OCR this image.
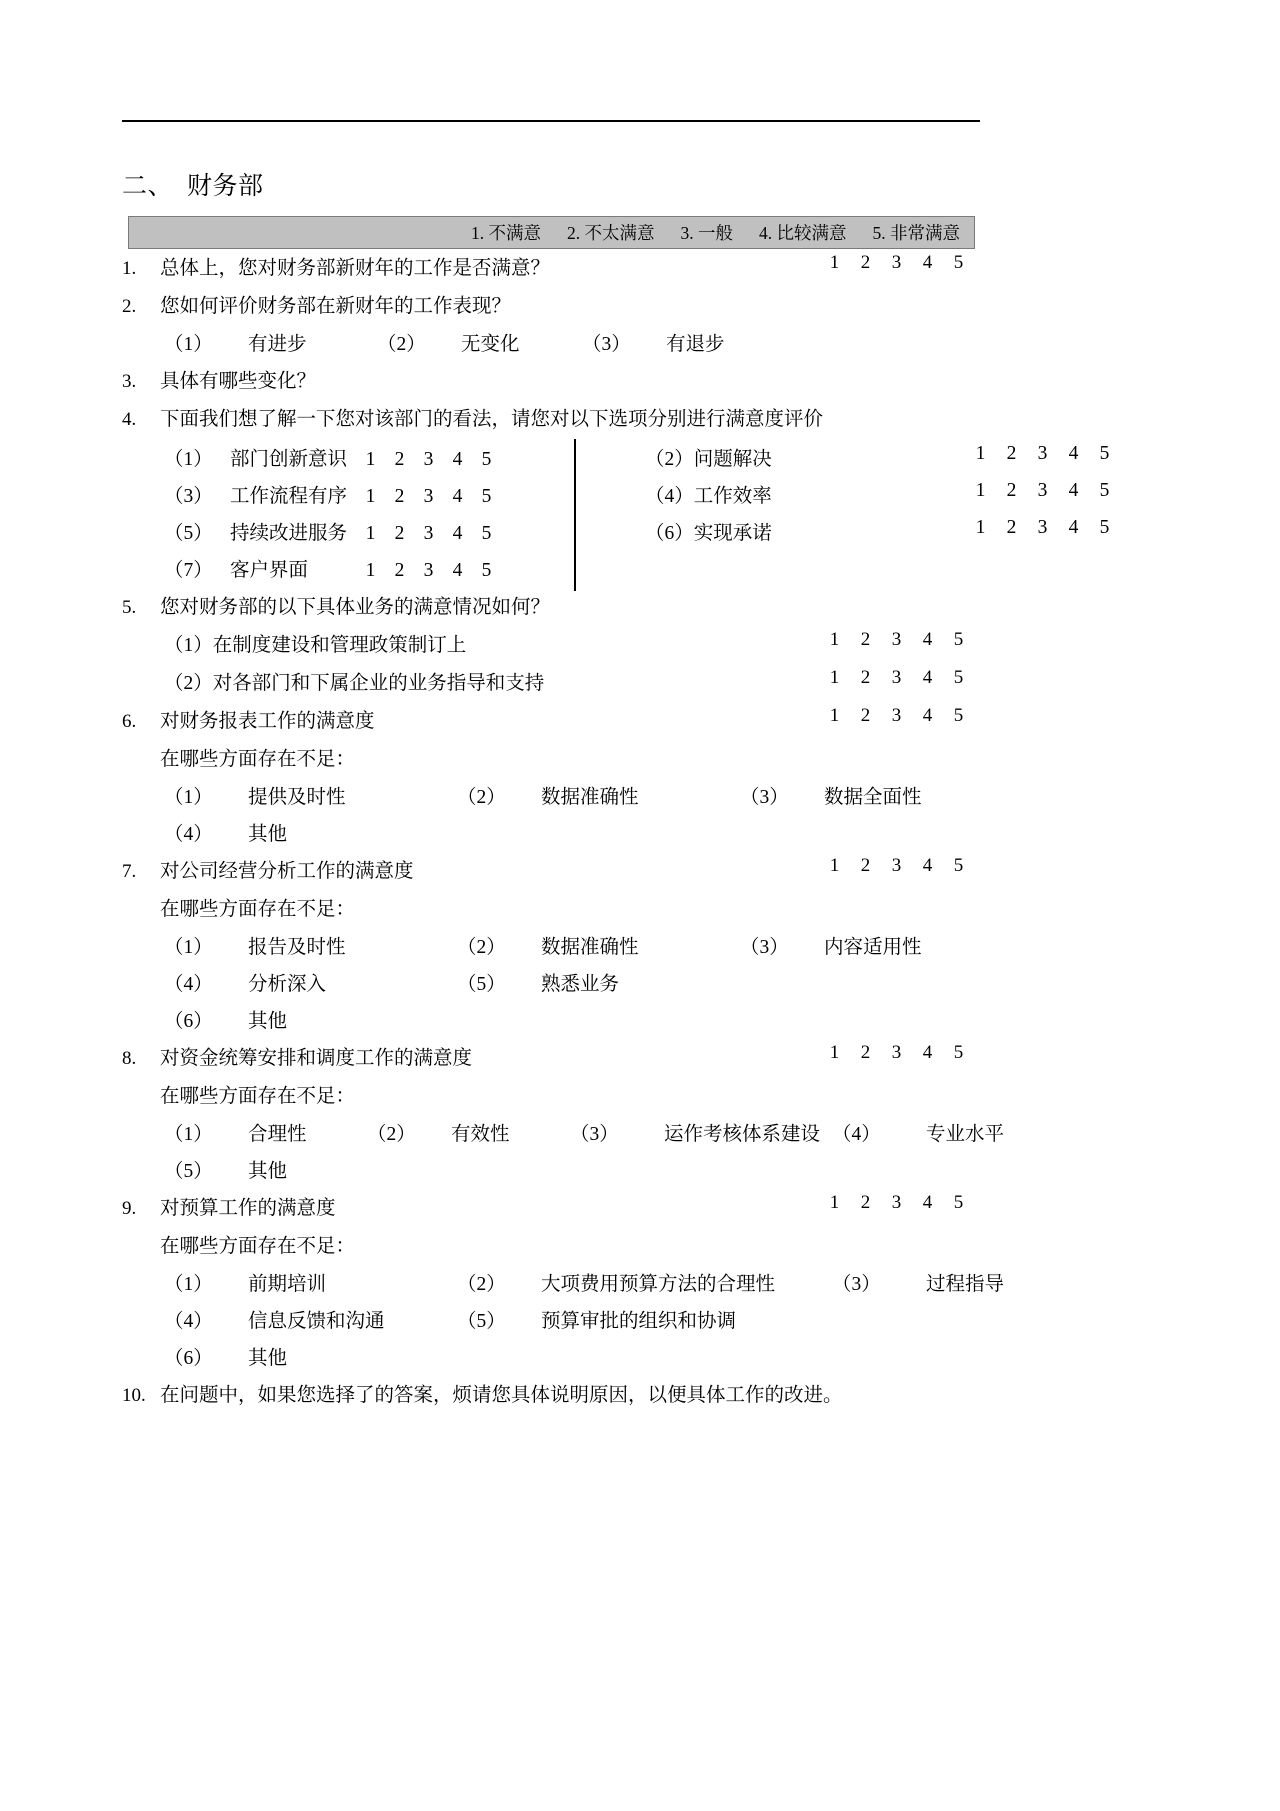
二、 财务部
1. 不满意 2. 不太满意 3. 一般 4. 比较满意 5. 非常满意
1.	总体上，您对财务部新财年的工作是否满意？	1 2 3 4 5
2.	您如何评价财务部在新财年的工作表现？
（1） 有进步	（2） 无变化	（3） 有退步
3.	具体有哪些变化？
4.	下面我们想了解一下您对该部门的看法，请您对以下选项分别进行满意度评价
（1） 部门创新意识 1 2 3 4 5	（2）问题解决	1 2 3 4 5
（3） 工作流程有序 1 2 3 4 5	（4）工作效率	1 2 3 4 5
（5） 持续改进服务 1 2 3 4 5	（6）实现承诺	1 2 3 4 5
（7） 客户界面	1 2 3 4 5
5.	您对财务部的以下具体业务的满意情况如何？
（1） 在制度建设和管理政策制订上	1 2 3 4 5
（2） 对各部门和下属企业的业务指导和支持	1 2 3 4 5
6.	对财务报表工作的满意度	1 2 3 4 5
在哪些方面存在不足：
（1） 提供及时性	（2） 数据准确性	（3） 数据全面性
（4） 其他
7.	对公司经营分析工作的满意度	1 2 3 4 5
在哪些方面存在不足：
（1） 报告及时性	（2） 数据准确性	（3） 内容适用性
（4） 分析深入	（5） 熟悉业务
（6） 其他
8.	对资金统筹安排和调度工作的满意度	1 2 3 4 5
在哪些方面存在不足：
（1） 合理性	（2） 有效性	（3） 运作考核体系建设 （4） 专业水平
（5） 其他
9.	对预算工作的满意度	1 2 3 4 5
在哪些方面存在不足：
（1） 前期培训	（2） 大项费用预算方法的合理性	（3） 过程指导
（4） 信息反馈和沟通	（5） 预算审批的组织和协调
（6） 其他
10. 在问题中，如果您选择了的答案，烦请您具体说明原因，以便具体工作的改进。
